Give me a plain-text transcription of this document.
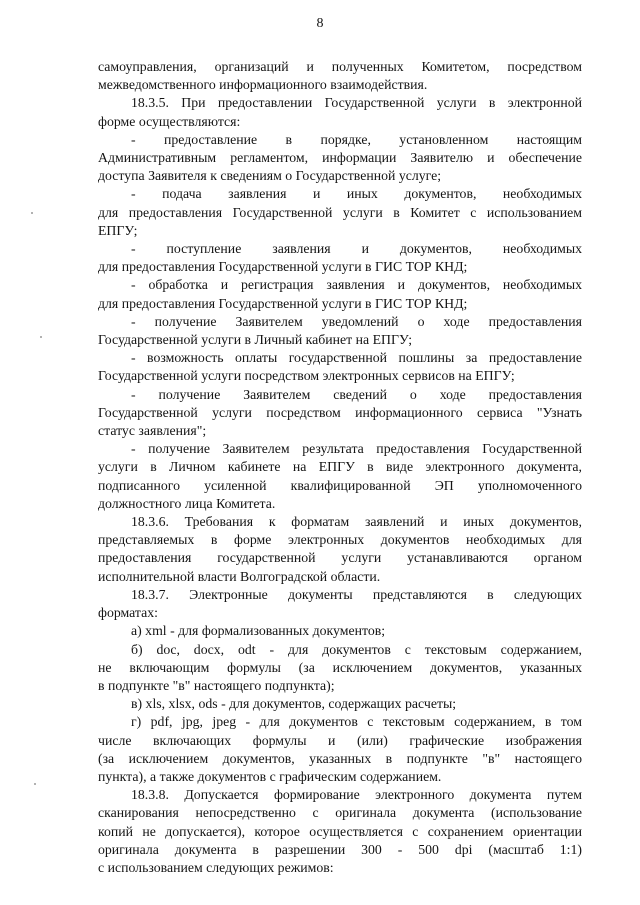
8
самоуправления, организаций и полученных Комитетом, посредством
межведомственного информационного взаимодействия.
18.3.5. При предоставлении Государственной услуги в электронной
форме осуществляются:
- предоставление в порядке, установленном настоящим
Административным регламентом, информации Заявителю и обеспечение
доступа Заявителя к сведениям о Государственной услуге;
- подача заявления и иных документов, необходимых
для предоставления Государственной услуги в Комитет с использованием
ЕПГУ;
- поступление заявления и документов, необходимых
для предоставления Государственной услуги в ГИС ТОР КНД;
- обработка и регистрация заявления и документов, необходимых
для предоставления Государственной услуги в ГИС ТОР КНД;
- получение Заявителем уведомлений о ходе предоставления
Государственной услуги в Личный кабинет на ЕПГУ;
- возможность оплаты государственной пошлины за предоставление
Государственной услуги посредством электронных сервисов на ЕПГУ;
- получение Заявителем сведений о ходе предоставления
Государственной услуги посредством информационного сервиса "Узнать
статус заявления";
- получение Заявителем результата предоставления Государственной
услуги в Личном кабинете на ЕПГУ в виде электронного документа,
подписанного усиленной квалифицированной ЭП уполномоченного
должностного лица Комитета.
18.3.6. Требования к форматам заявлений и иных документов,
представляемых в форме электронных документов необходимых для
предоставления государственной услуги устанавливаются органом
исполнительной власти Волгоградской области.
18.3.7. Электронные документы представляются в следующих
форматах:
а) xml - для формализованных документов;
б) doc, docx, odt - для документов с текстовым содержанием,
не включающим формулы (за исключением документов, указанных
в подпункте "в" настоящего подпункта);
в) xls, xlsx, ods - для документов, содержащих расчеты;
г) pdf, jpg, jpeg - для документов с текстовым содержанием, в том
числе включающих формулы и (или) графические изображения
(за исключением документов, указанных в подпункте "в" настоящего
пункта), а также документов с графическим содержанием.
18.3.8. Допускается формирование электронного документа путем
сканирования непосредственно с оригинала документа (использование
копий не допускается), которое осуществляется с сохранением ориентации
оригинала документа в разрешении 300 - 500 dpi (масштаб 1:1)
с использованием следующих режимов:
